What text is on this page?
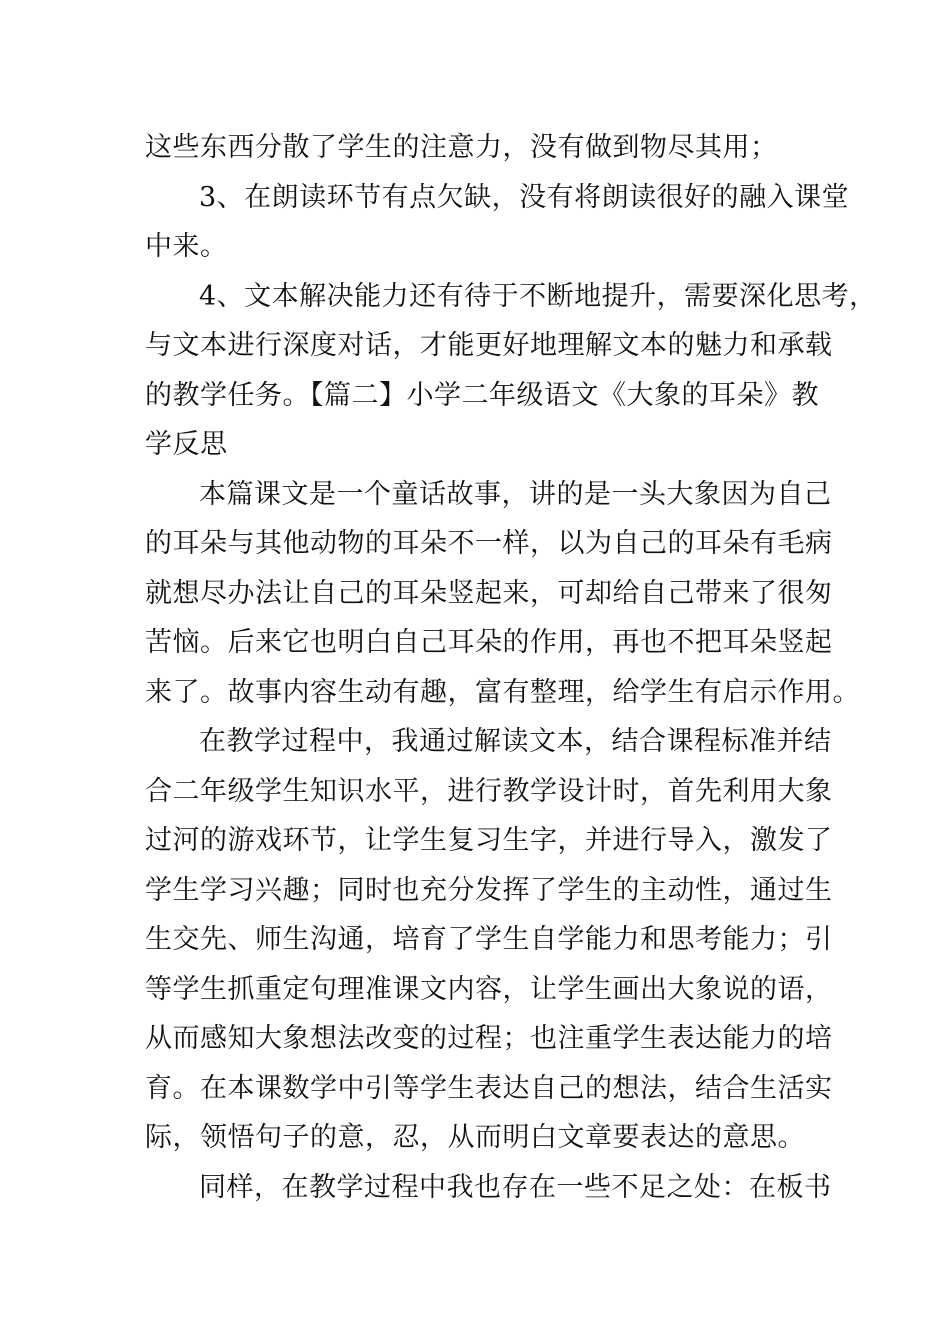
这些东西分散了学生的注意力，没有做到物尽其用；
3、在朗读环节有点欠缺，没有将朗读很好的融入课堂
中来。
4、文本解决能力还有待于不断地提升，需要深化思考，
与文本进行深度对话，才能更好地理解文本的魅力和承载
的教学任务。【篇二】小学二年级语文《大象的耳朵》教
学反思
本篇课文是一个童话故事，讲的是一头大象因为自己
的耳朵与其他动物的耳朵不一样，以为自己的耳朵有毛病
就想尽办法让自己的耳朵竖起来，可却给自己带来了很匆
苦恼。后来它也明白自己耳朵的作用，再也不把耳朵竖起
来了。故事内容生动有趣，富有整理，给学生有启示作用。
在教学过程中，我通过解读文本，结合课程标准并结
合二年级学生知识水平，进行教学设计时，首先利用大象
过河的游戏环节，让学生复习生字，并进行导入，激发了
学生学习兴趣；同时也充分发挥了学生的主动性，通过生
生交先、师生沟通，培育了学生自学能力和思考能力；引
等学生抓重定句理准课文内容，让学生画出大象说的语，
从而感知大象想法改变的过程；也注重学生表达能力的培
育。在本课数学中引等学生表达自己的想法，结合生活实
际，领悟句子的意，忍，从而明白文章要表达的意思。
同样，在教学过程中我也存在一些不足之处：在板书
